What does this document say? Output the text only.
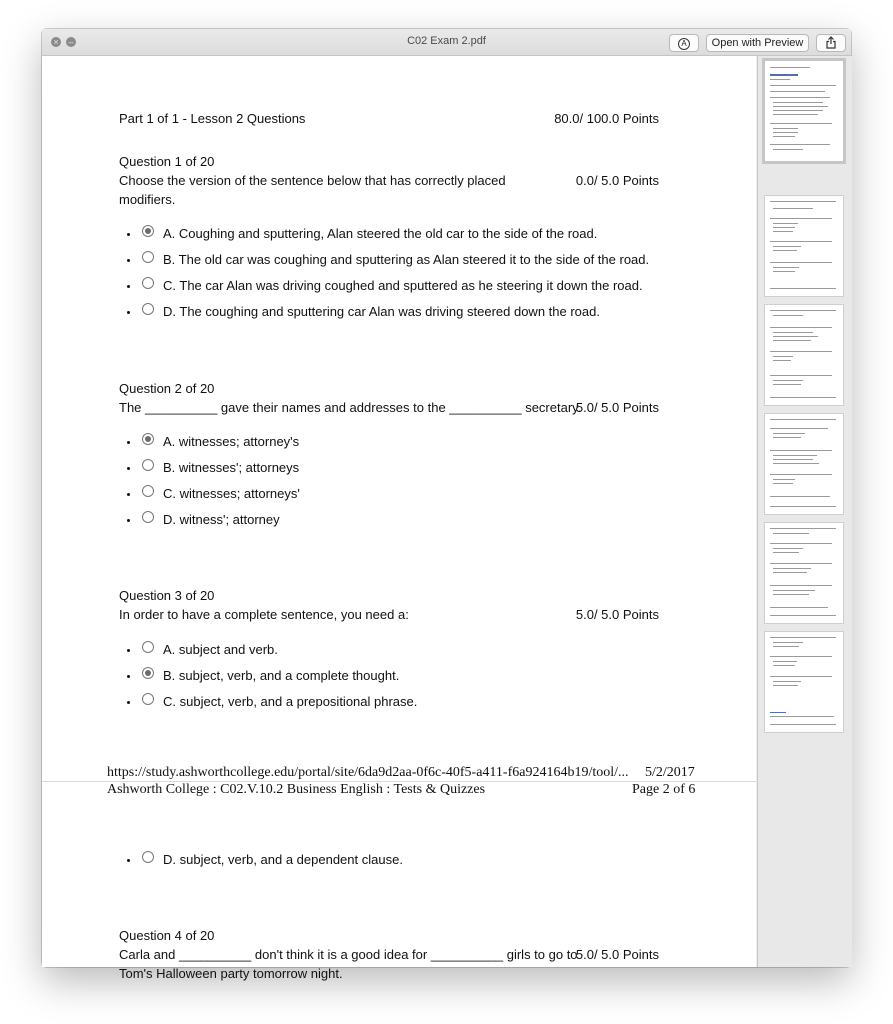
× –	C02 Exam 2.pdf	A	Open with Preview
Part 1 of 1 - Lesson 2 Questions	80.0/ 100.0 Points
Question 1 of 20
Choose the version of the sentence below that has correctly placed	0.0/ 5.0 Points
modifiers.
A. Coughing and sputtering, Alan steered the old car to the side of the road.
B. The old car was coughing and sputtering as Alan steered it to the side of the road.
C. The car Alan was driving coughed and sputtered as he steering it down the road.
D. The coughing and sputtering car Alan was driving steered down the road.
Question 2 of 20
The __________ gave their names and addresses to the __________ secretary.
5.0/ 5.0 Points
A. witnesses; attorney's
B. witnesses'; attorneys
C. witnesses; attorneys'
D. witness'; attorney
Question 3 of 20
In order to have a complete sentence, you need a:	5.0/ 5.0 Points
A. subject and verb.
B. subject, verb, and a complete thought.
C. subject, verb, and a prepositional phrase.
https://study.ashworthcollege.edu/portal/site/6da9d2aa-0f6c-40f5-a411-f6a924164b19/tool/... 5/2/2017
Ashworth College : C02.V.10.2 Business English : Tests & Quizzes	Page 2 of 6
D. subject, verb, and a dependent clause.
Question 4 of 20
Carla and __________ don't think it is a good idea for __________ girls to go to
5.0/ 5.0 Points
Tom's Halloween party tomorrow night.
